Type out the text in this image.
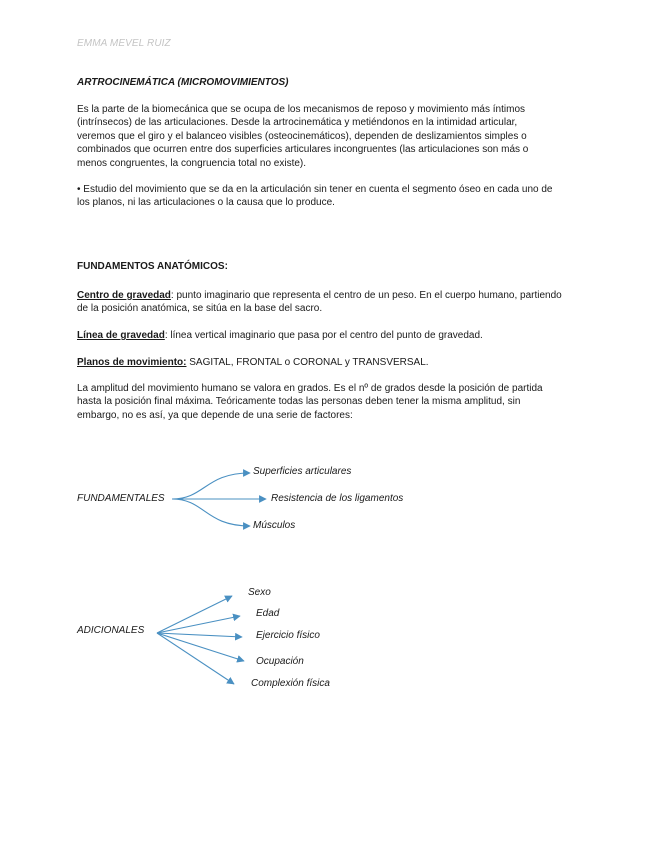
EMMA MEVEL RUIZ
ARTROCINEMÁTICA (MICROMOVIMIENTOS)
Es la parte de la biomecánica que se ocupa de los mecanismos de reposo y movimiento más íntimos
(intrínsecos) de las articulaciones. Desde la artrocinemática y metiéndonos en la intimidad articular,
veremos que el giro y el balanceo visibles (osteocinemáticos), dependen de deslizamientos simples o
combinados que ocurren entre dos superficies articulares incongruentes (las articulaciones son más o
menos congruentes, la congruencia total no existe).
• Estudio del movimiento que se da en la articulación sin tener en cuenta el segmento óseo en cada uno de
los planos, ni las articulaciones o la causa que lo produce.
FUNDAMENTOS ANATÓMICOS:
Centro de gravedad: punto imaginario que representa el centro de un peso. En el cuerpo humano, partiendo
de la posición anatómica, se sitúa en la base del sacro.
Línea de gravedad: línea vertical imaginario que pasa por el centro del punto de gravedad.
Planos de movimiento: SAGITAL, FRONTAL o CORONAL y TRANSVERSAL.
La amplitud del movimiento humano se valora en grados. Es el nº de grados desde la posición de partida
hasta la posición final máxima. Teóricamente todas las personas deben tener la misma amplitud, sin
embargo, no es así, ya que depende de una serie de factores:
FUNDAMENTALES
Superficies articulares
Resistencia de los ligamentos
Músculos
ADICIONALES
Sexo
Edad
Ejercicio físico
Ocupación
Complexión física
